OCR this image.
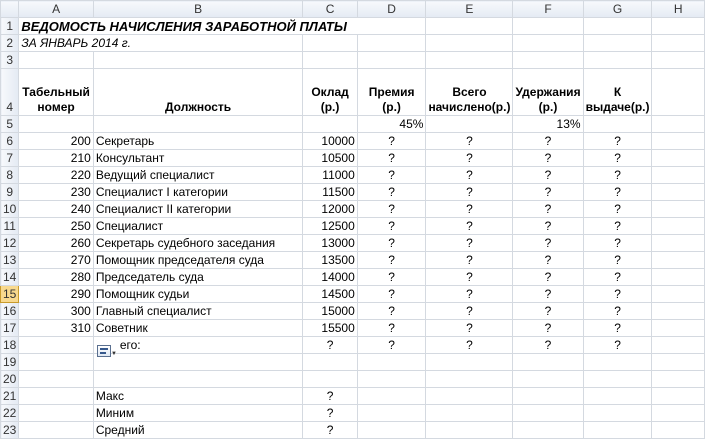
	A	B	C	D	E	F	G	H
1	ВЕДОМОСТЬ НАЧИСЛЕНИЯ ЗАРАБОТНОЙ ПЛАТЫ							
2	ЗА ЯНВАРЬ 2014 г.							
3								
4	Табельный номер	Должность	Оклад (р.)	Премия (р.)	Всего начислено(р.)	Удержания (р.)	К выдаче(р.)	
5				45%		13%		
6	200	Секретарь	10000	?	?	?	?	
7	210	Консультант	10500	?	?	?	?	
8	220	Ведущий специалист	11000	?	?	?	?	
9	230	Специалист I категории	11500	?	?	?	?	
10	240	Специалист II категории	12000	?	?	?	?	
11	250	Специалист	12500	?	?	?	?	
12	260	Секретарь судебного заседания	13000	?	?	?	?	
13	270	Помощник председателя суда	13500	?	?	?	?	
14	280	Председатель суда	14000	?	?	?	?	
15	290	Помощник судьи	14500	?	?	?	?	
16	300	Главный специалист	15000	?	?	?	?	
17	310	Советник	15500	?	?	?	?	
18		его:	?	?	?	?	?	
19								
20								
21		Макс	?					
22		Миним	?					
23		Средний	?					
▼
